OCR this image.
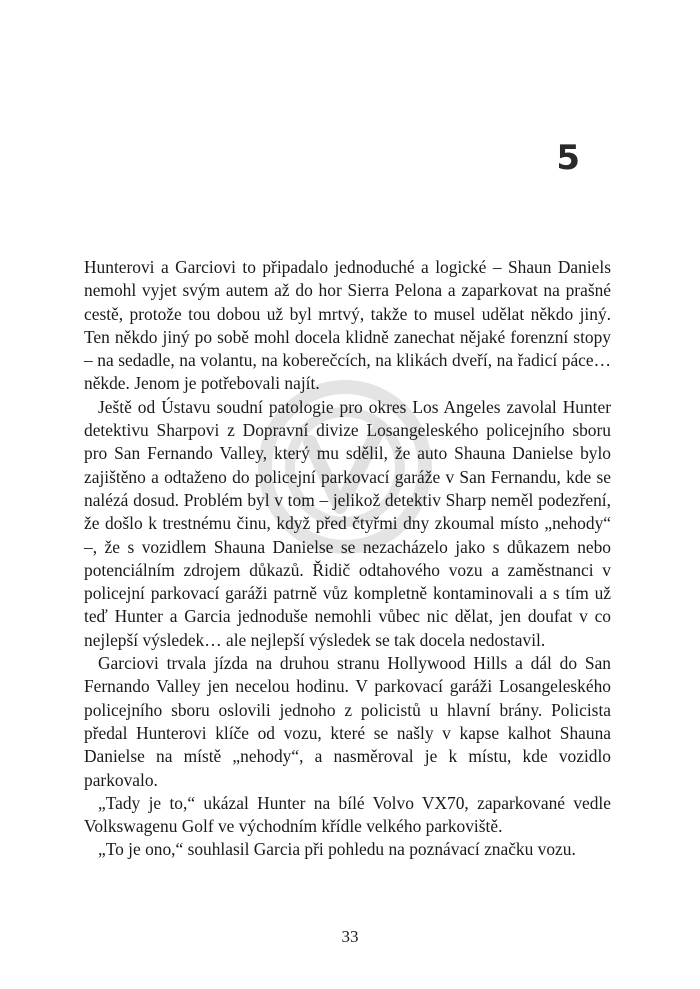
5

Hunterovi a Garciovi to připadalo jednoduché a logické – Shaun Daniels nemohl vyjet svým autem až do hor Sierra Pelona a zaparkovat na prašné cestě, protože tou dobou už byl mrtvý, takže to musel udělat někdo jiný. Ten někdo jiný po sobě mohl docela klidně zanechat nějaké forenzní stopy – na sedadle, na volantu, na koberečcích, na klikách dveří, na řadicí páce… někde. Jenom je potřebovali najít.

Ještě od Ústavu soudní patologie pro okres Los Angeles zavolal Hunter detektivu Sharpovi z Dopravní divize Losangeleského policejního sboru pro San Fernando Valley, který mu sdělil, že auto Shauna Danielse bylo zajištěno a odtaženo do policejní parkovací garáže v San Fernandu, kde se nalézá dosud. Problém byl v tom – jelikož detektiv Sharp neměl podezření, že došlo k trestnému činu, když před čtyřmi dny zkoumal místo „nehody“ –, že s vozidlem Shauna Danielse se nezacházelo jako s důkazem nebo potenciálním zdrojem důkazů. Řidič odtahového vozu a zaměstnanci v policejní parkovací garáži patrně vůz kompletně kontaminovali a s tím už teď Hunter a Garcia jednoduše nemohli vůbec nic dělat, jen doufat v co nejlepší výsledek… ale nejlepší výsledek se tak docela nedostavil.

Garciovi trvala jízda na druhou stranu Hollywood Hills a dál do San Fernando Valley jen necelou hodinu. V parkovací garáži Losangeleského policejního sboru oslovili jednoho z policistů u hlavní brány. Policista předal Hunterovi klíče od vozu, které se našly v kapse kalhot Shauna Danielse na místě „nehody“, a nasměroval je k místu, kde vozidlo parkovalo.

„Tady je to,“ ukázal Hunter na bílé Volvo VX70, zaparkované vedle Volkswagenu Golf ve východním křídle velkého parkoviště.

„To je ono,“ souhlasil Garcia při pohledu na poznávací značku vozu.

33
